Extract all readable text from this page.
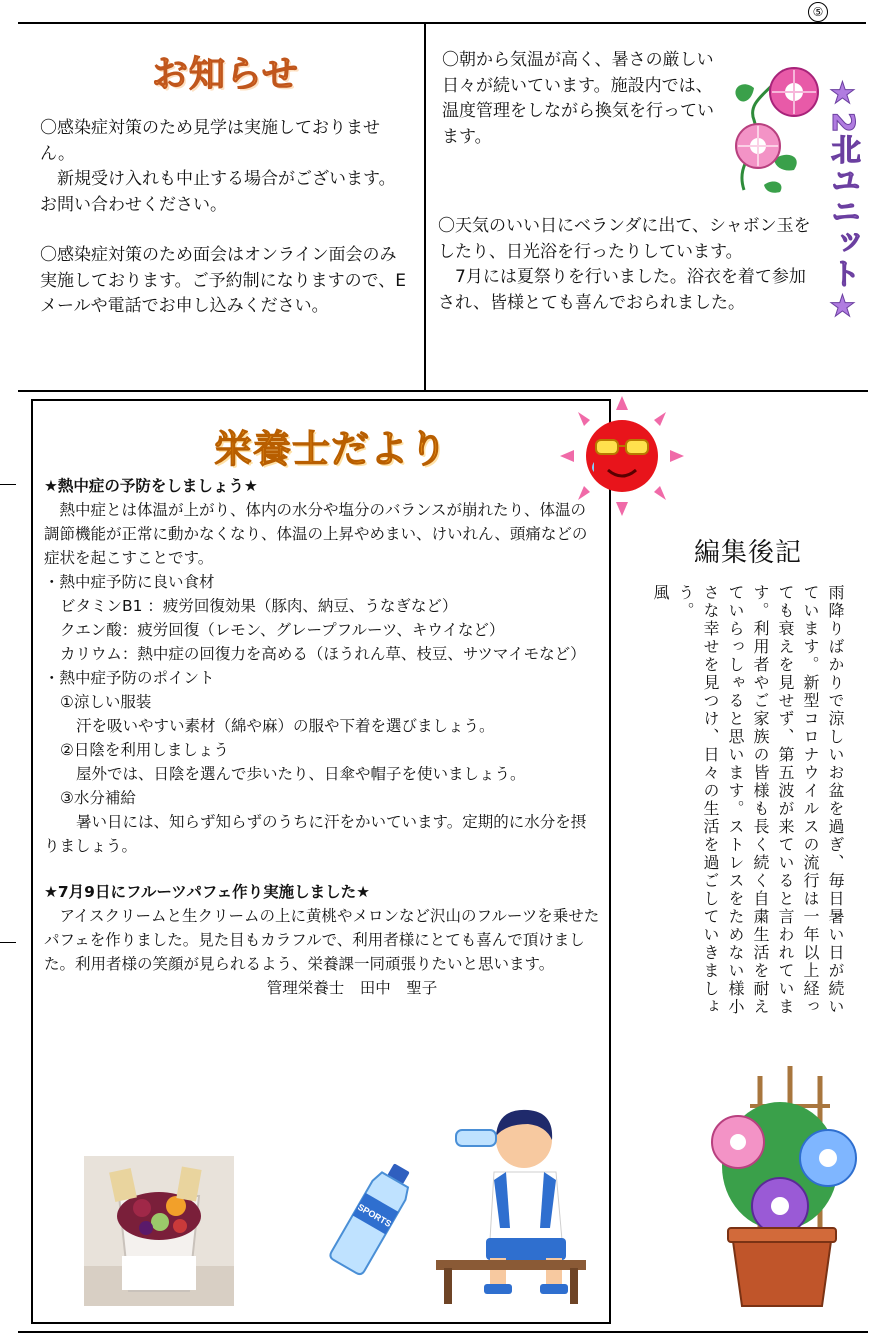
⑤
お知らせ

〇感染症対策のため見学は実施しておりません。

新規受け入れも中止する場合がございます。お問い合わせください。

〇感染症対策のため面会はオンライン面会のみ実施しております。ご予約制になりますので、Eメールや電話でお申し込みください。

〇朝から気温が高く、暑さの厳しい日々が続いています。施設内では、温度管理をしながら換気を行っています。

〇天気のいい日にベランダに出て、シャボン玉をしたり、日光浴を行ったりしています。

7月には夏祭りを行いました。浴衣を着て参加され、皆様とても喜んでおられました。	★2北ユニット★
栄養士だより

★熱中症の予防をしましょう★

熱中症とは体温が上がり、体内の水分や塩分のバランスが崩れたり、体温の調節機能が正常に動かなくなり、体温の上昇やめまい、けいれん、頭痛などの症状を起こすことです。

・熱中症予防に良い食材

ビタミンB1 ：疲労回復効果（豚肉、納豆、うなぎなど）

クエン酸：疲労回復（レモン、グレープフルーツ、キウイなど）

カリウム：熱中症の回復力を高める（ほうれん草、枝豆、サツマイモなど）

・熱中症予防のポイント

①涼しい服装

汗を吸いやすい素材（綿や麻）の服や下着を選びましょう。

②日陰を利用しましょう

屋外では、日陰を選んで歩いたり、日傘や帽子を使いましょう。

③水分補給

暑い日には、知らず知らずのうちに汗をかいています。定期的に水分を摂りましょう。

★7月9日にフルーツパフェ作り実施しました★

アイスクリームと生クリームの上に黄桃やメロンなど沢山のフルーツを乗せたパフェを作りました。見た目もカラフルで、利用者様にとても喜んで頂けました。利用者様の笑顔が見られるよう、栄養課一同頑張りたいと思います。

管理栄養士　田中　聖子

SPORTS
編集後記

雨降りばかりで涼しいお盆を過ぎ、毎日暑い日が続いています。新型コロナウイルスの流行は一年以上経っても衰えを見せず、第五波が来ていると言われています。利用者やご家族の皆様も長く続く自粛生活を耐えていらっしゃると思います。ストレスをためない様小さな幸せを見つけ、日々の生活を過ごしていきましょう。

風
